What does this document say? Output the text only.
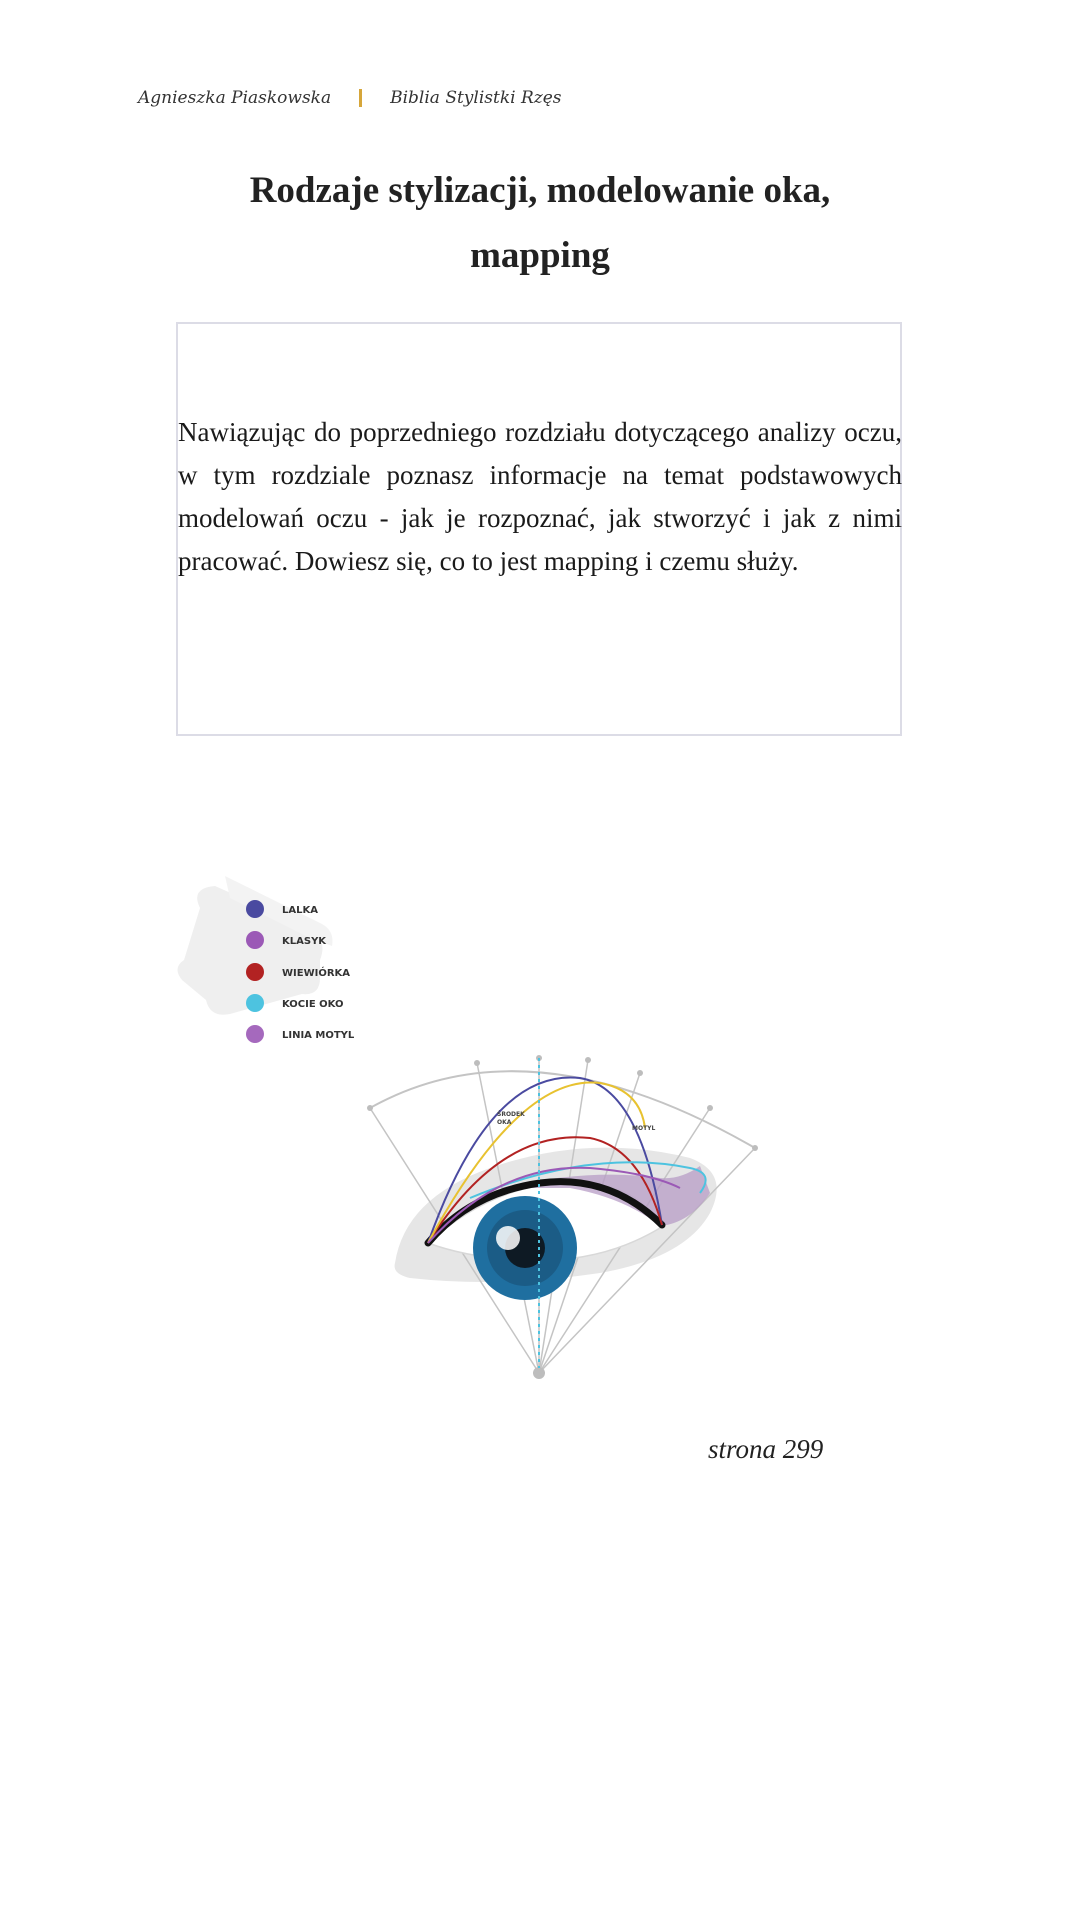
Agnieszka Piaskowska	Biblia Stylistki Rzęs
Rodzaje stylizacji, modelowanie oka,
mapping

Nawiązując do poprzedniego rozdziału dotyczącego analizy oczu, w tym rozdziale poznasz informacje na temat podstawowych modelowań oczu - jak je rozpoznać, jak stworzyć i jak z nimi pracować. Dowiesz się, co to jest mapping i czemu służy.

LALKA
KLASYK
WIEWIÓRKA
KOCIE OKO
LINIA MOTYL
ŚRODEK
OKA
MOTYL
strona 299
